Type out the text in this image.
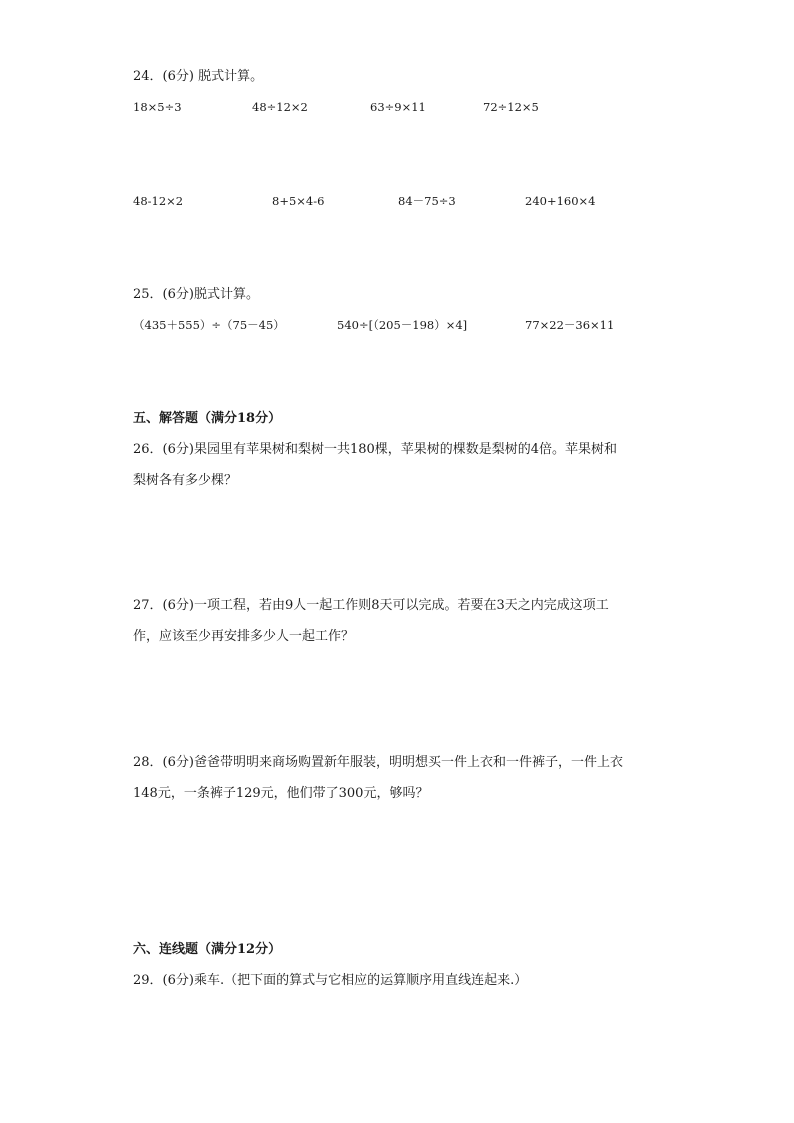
24．(6分) 脱式计算。
18×5÷3	48÷12×2	63÷9×11	72÷12×5
48-12×2	8+5×4-6	84－75÷3	240+160×4
25．(6分)脱式计算。
（435＋555）÷（75－45）	540÷[（205－198）×4]	77×22－36×11
五、解答题（满分18分）
26．(6分)果园里有苹果树和梨树一共180棵，苹果树的棵数是梨树的4倍。苹果树和
梨树各有多少棵？
27．(6分)一项工程，若由9人一起工作则8天可以完成。若要在3天之内完成这项工
作，应该至少再安排多少人一起工作？
28．(6分)爸爸带明明来商场购置新年服装，明明想买一件上衣和一件裤子，一件上衣
148元，一条裤子129元，他们带了300元，够吗？
六、连线题（满分12分）
29．(6分)乘车.（把下面的算式与它相应的运算顺序用直线连起来.）
